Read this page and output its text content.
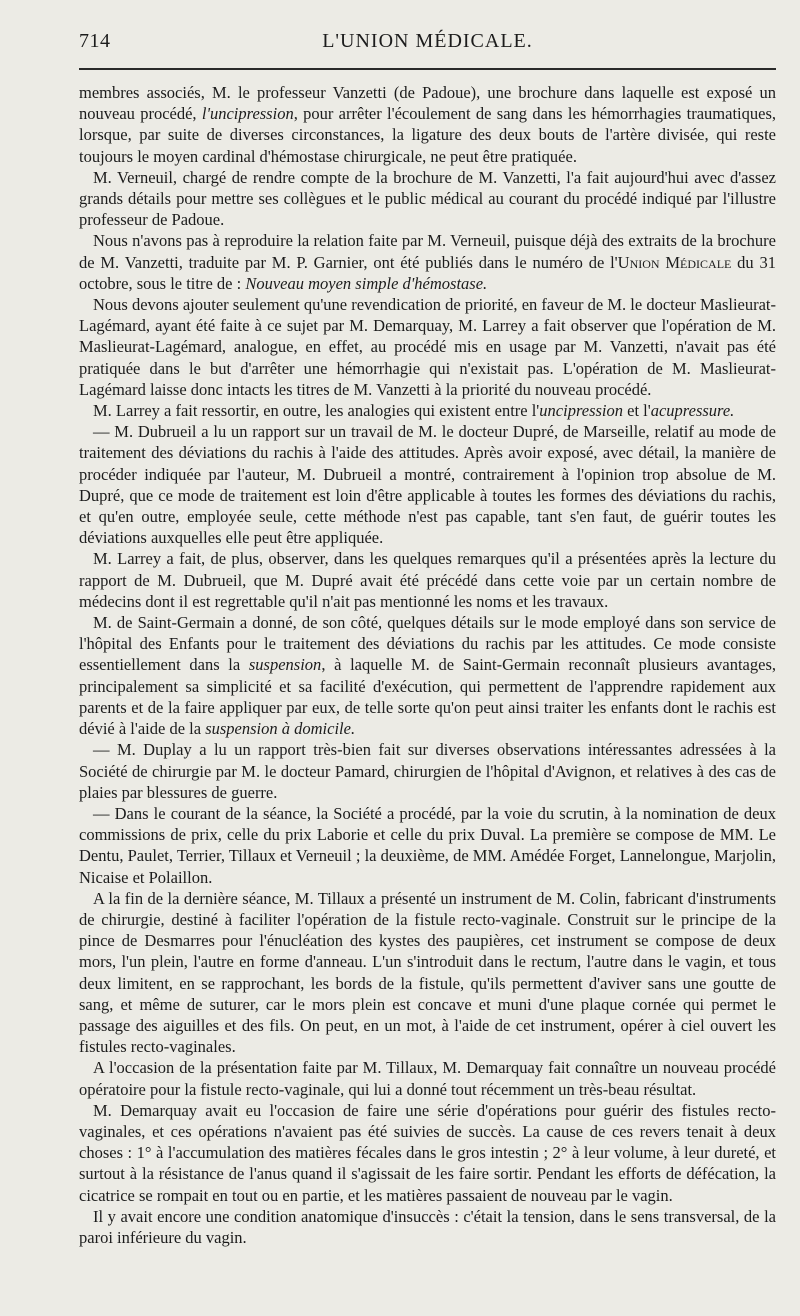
714	L'UNION MÉDICALE.

membres associés, M. le professeur Vanzetti (de Padoue), une brochure dans laquelle est exposé un nouveau procédé, l'uncipression, pour arrêter l'écoulement de sang dans les hémorrhagies traumatiques, lorsque, par suite de diverses circonstances, la ligature des deux bouts de l'artère divisée, qui reste toujours le moyen cardinal d'hémostase chirurgicale, ne peut être pratiquée.

M. Verneuil, chargé de rendre compte de la brochure de M. Vanzetti, l'a fait aujourd'hui avec d'assez grands détails pour mettre ses collègues et le public médical au courant du procédé indiqué par l'illustre professeur de Padoue.

Nous n'avons pas à reproduire la relation faite par M. Verneuil, puisque déjà des extraits de la brochure de M. Vanzetti, traduite par M. P. Garnier, ont été publiés dans le numéro de l'Union Médicale du 31 octobre, sous le titre de : Nouveau moyen simple d'hémostase.

Nous devons ajouter seulement qu'une revendication de priorité, en faveur de M. le docteur Maslieurat-Lagémard, ayant été faite à ce sujet par M. Demarquay, M. Larrey a fait observer que l'opération de M. Maslieurat-Lagémard, analogue, en effet, au procédé mis en usage par M. Vanzetti, n'avait pas été pratiquée dans le but d'arrêter une hémorrhagie qui n'existait pas. L'opération de M. Maslieurat-Lagémard laisse donc intacts les titres de M. Vanzetti à la priorité du nouveau procédé.

M. Larrey a fait ressortir, en outre, les analogies qui existent entre l'uncipression et l'acupressure.

— M. Dubrueil a lu un rapport sur un travail de M. le docteur Dupré, de Marseille, relatif au mode de traitement des déviations du rachis à l'aide des attitudes. Après avoir exposé, avec détail, la manière de procéder indiquée par l'auteur, M. Dubrueil a montré, contrairement à l'opinion trop absolue de M. Dupré, que ce mode de traitement est loin d'être applicable à toutes les formes des déviations du rachis, et qu'en outre, employée seule, cette méthode n'est pas capable, tant s'en faut, de guérir toutes les déviations auxquelles elle peut être appliquée.

M. Larrey a fait, de plus, observer, dans les quelques remarques qu'il a présentées après la lecture du rapport de M. Dubrueil, que M. Dupré avait été précédé dans cette voie par un certain nombre de médecins dont il est regrettable qu'il n'ait pas mentionné les noms et les travaux.

M. de Saint-Germain a donné, de son côté, quelques détails sur le mode employé dans son service de l'hôpital des Enfants pour le traitement des déviations du rachis par les attitudes. Ce mode consiste essentiellement dans la suspension, à laquelle M. de Saint-Germain reconnaît plusieurs avantages, principalement sa simplicité et sa facilité d'exécution, qui permettent de l'apprendre rapidement aux parents et de la faire appliquer par eux, de telle sorte qu'on peut ainsi traiter les enfants dont le rachis est dévié à l'aide de la suspension à domicile.

— M. Duplay a lu un rapport très-bien fait sur diverses observations intéressantes adressées à la Société de chirurgie par M. le docteur Pamard, chirurgien de l'hôpital d'Avignon, et relatives à des cas de plaies par blessures de guerre.

— Dans le courant de la séance, la Société a procédé, par la voie du scrutin, à la nomination de deux commissions de prix, celle du prix Laborie et celle du prix Duval. La première se compose de MM. Le Dentu, Paulet, Terrier, Tillaux et Verneuil ; la deuxième, de MM. Amédée Forget, Lannelongue, Marjolin, Nicaise et Polaillon.

A la fin de la dernière séance, M. Tillaux a présenté un instrument de M. Colin, fabricant d'instruments de chirurgie, destiné à faciliter l'opération de la fistule recto-vaginale. Construit sur le principe de la pince de Desmarres pour l'énucléation des kystes des paupières, cet instrument se compose de deux mors, l'un plein, l'autre en forme d'anneau. L'un s'introduit dans le rectum, l'autre dans le vagin, et tous deux limitent, en se rapprochant, les bords de la fistule, qu'ils permettent d'aviver sans une goutte de sang, et même de suturer, car le mors plein est concave et muni d'une plaque cornée qui permet le passage des aiguilles et des fils. On peut, en un mot, à l'aide de cet instrument, opérer à ciel ouvert les fistules recto-vaginales.

A l'occasion de la présentation faite par M. Tillaux, M. Demarquay fait connaître un nouveau procédé opératoire pour la fistule recto-vaginale, qui lui a donné tout récemment un très-beau résultat.

M. Demarquay avait eu l'occasion de faire une série d'opérations pour guérir des fistules recto-vaginales, et ces opérations n'avaient pas été suivies de succès. La cause de ces revers tenait à deux choses : 1° à l'accumulation des matières fécales dans le gros intestin ; 2° à leur volume, à leur dureté, et surtout à la résistance de l'anus quand il s'agissait de les faire sortir. Pendant les efforts de défécation, la cicatrice se rompait en tout ou en partie, et les matières passaient de nouveau par le vagin.

Il y avait encore une condition anatomique d'insuccès : c'était la tension, dans le sens transversal, de la paroi inférieure du vagin.
